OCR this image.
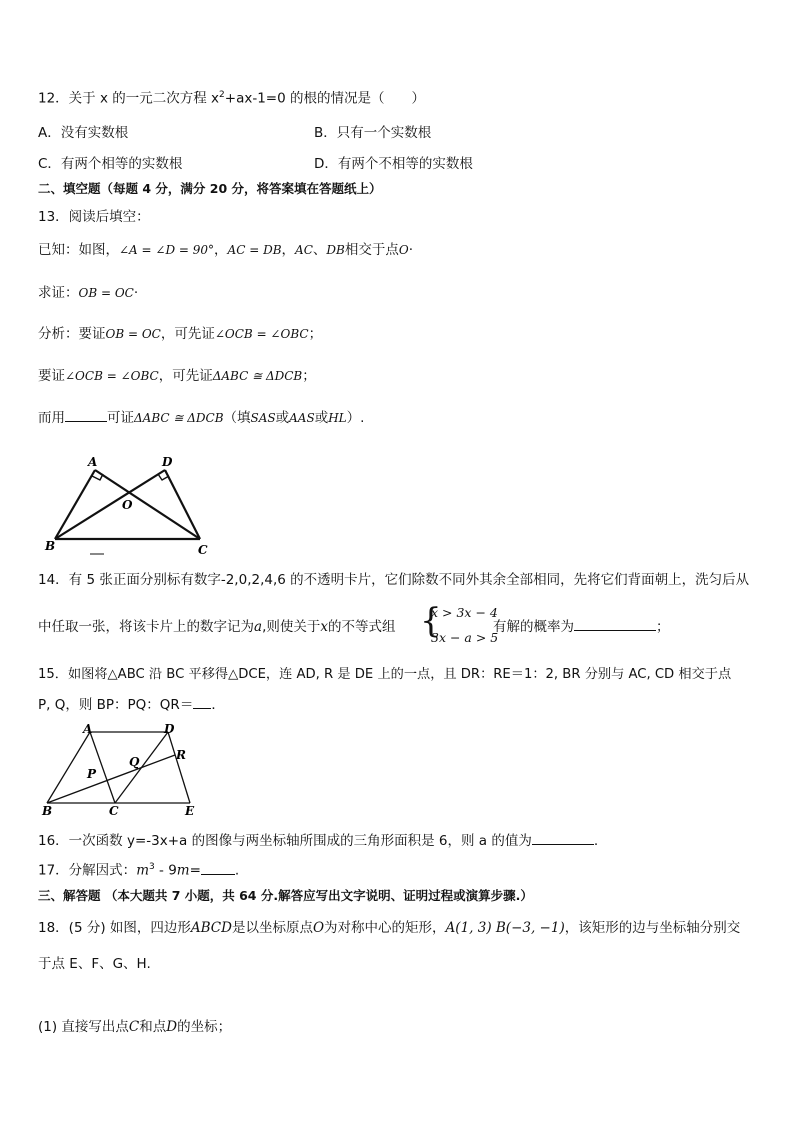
12．关于 x 的一元二次方程 $x^2+ax-1=0$ 的根的情况是（　　）
A．没有实数根	B．只有一个实数根
C．有两个相等的实数根	D．有两个不相等的实数根
二、填空题（每题 4 分，满分 20 分，将答案填在答题纸上）
13．阅读后填空：
已知：如图，∠A = ∠D = 90°，AC = DB，AC、DB相交于点O·
求证：OB = OC·
分析：要证OB = OC，可先证∠OCB = ∠OBC；
要证∠OCB = ∠OBC，可先证ΔABC ≅ ΔDCB；
而用	可证ΔABC ≅ ΔDCB（填SAS或AAS或HL）.
A	D
O
B	C
14．有 5 张正面分别标有数字-2,0,2,4,6 的不透明卡片，它们除数不同外其余全部相同，先将它们背面朝上，洗匀后从
中任取一张，将该卡片上的数字记为a,则使关于x的不等式组 {
x > 3x − 4
3x − a > 5
有解的概率为	；
15．如图将△ABC 沿 BC 平移得△DCE，连 AD, R 是 DE 上的一点，且 DR：RE＝1：2, BR 分别与 AC, CD 相交于点
P, Q，则 BP：PQ：QR＝ ．
A	D
R
P
Q
B	C	E
16．一次函数 y=-3x+a 的图像与两坐标轴所围成的三角形面积是 6，则 a 的值为	.
17．分解因式：$m^3 - 9m=$	.
三、解答题 （本大题共 7 小题，共 64 分.解答应写出文字说明、证明过程或演算步骤.）
18．(5 分) 如图，四边形ABCD是以坐标原点O为对称中心的矩形，A(1, 3) B(−3, −1)，该矩形的边与坐标轴分别交
于点 E、F、G、H.
(1) 直接写出点C和点D的坐标；
